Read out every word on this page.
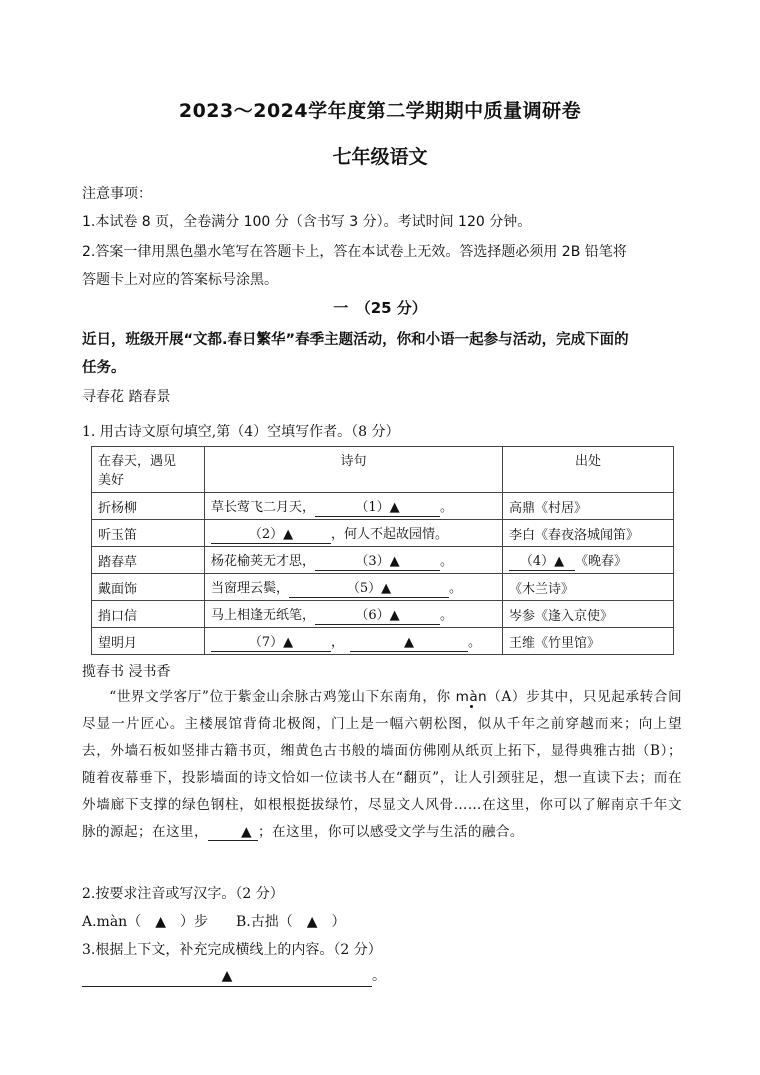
2023～2024学年度第二学期期中质量调研卷
七年级语文
注意事项：
1.本试卷 8 页，全卷满分 100 分（含书写 3 分）。考试时间 120 分钟。
2.答案一律用黑色墨水笔写在答题卡上，答在本试卷上无效。答选择题必须用 2B 铅笔将
答题卡上对应的答案标号涂黑。
一　（25 分）
近日，班级开展“文都.春日繁华”春季主题活动，你和小语一起参与活动，完成下面的
任务。
寻春花 踏春景
1. 用古诗文原句填空,第（4）空填写作者。（8 分）
在春天，遇见
美好	诗句	出处
折杨柳	草长莺飞二月天， （1）▲ 。	高鼎《村居》
听玉笛	（2）▲ ，何人不起故园情。	李白《春夜洛城闻笛》
踏春草	杨花榆荚无才思， （3）▲ 。	（4）▲ 《晚春》
戴面饰	当窗理云鬓， （5）▲ 。	《木兰诗》
捎口信	马上相逢无纸笔， （6）▲ 。	岑参《逢入京使》
望明月	（7）▲ ， ▲ 。	王维《竹里馆》
揽春书 浸书香
“世界文学客厅”位于紫金山余脉古鸡笼山下东南角，你 màn（A）步其中，只见起承转合间尽显一片匠心。主楼展馆背倚北极阁，门上是一幅六朝松图，似从千年之前穿越而来；向上望去，外墙石板如竖排古籍书页，缃黄色古书般的墙面仿佛刚从纸页上拓下，显得典雅古拙（B）；随着夜幕垂下，投影墙面的诗文恰如一位读书人在“翻页”，让人引颈驻足，想一直读下去；而在外墙廊下支撑的绿色钢柱，如根根挺拔绿竹，尽显文人风骨……在这里，你可以了解南京千年文脉的源起；在这里， ▲ ；在这里，你可以感受文学与生活的融合。
2.按要求注音或写汉字。（2 分）
A.màn（　▲　）步 B.古拙（　▲　）
3.根据上下文，补充完成横线上的内容。（2 分）
▲	。
